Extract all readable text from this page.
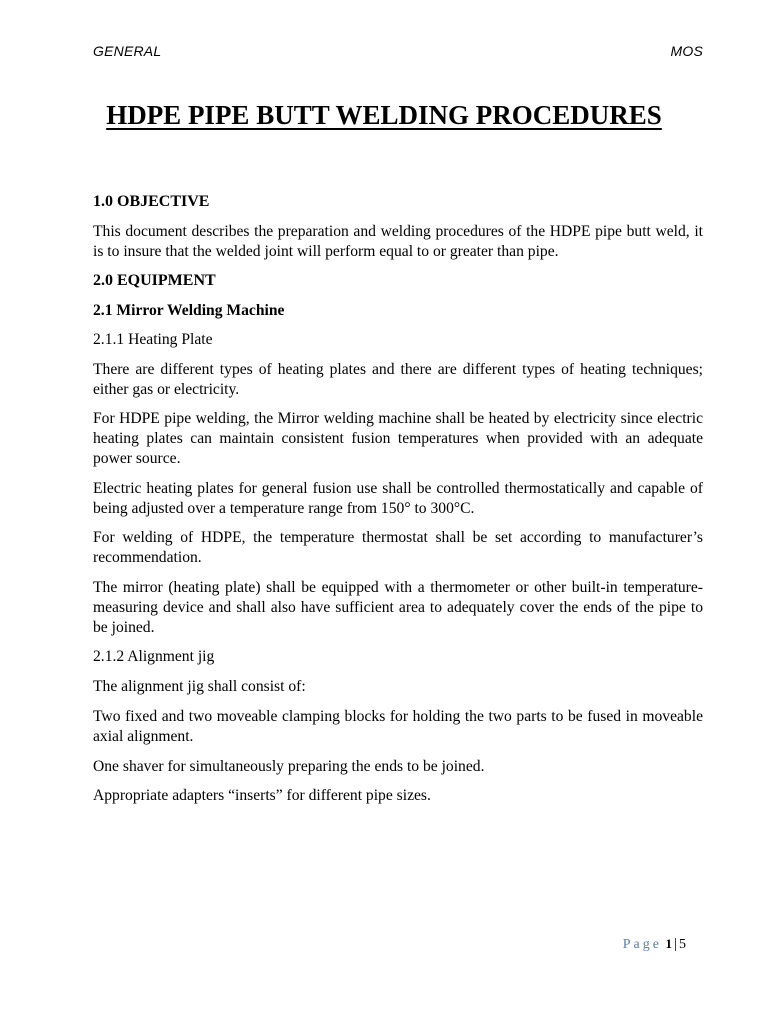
GENERAL	MOS
HDPE PIPE BUTT WELDING PROCEDURES
1.0 OBJECTIVE

This document describes the preparation and welding procedures of the HDPE pipe butt weld, it is to insure that the welded joint will perform equal to or greater than pipe.

2.0 EQUIPMENT
2.1 Mirror Welding Machine
2.1.1 Heating Plate

There are different types of heating plates and there are different types of heating techniques; either gas or electricity.

For HDPE pipe welding, the Mirror welding machine shall be heated by electricity since electric heating plates can maintain consistent fusion temperatures when provided with an adequate power source.

Electric heating plates for general fusion use shall be controlled thermostatically and capable of being adjusted over a temperature range from 150° to 300°C.

For welding of HDPE, the temperature thermostat shall be set according to manufacturer’s recommendation.

The mirror (heating plate) shall be equipped with a thermometer or other built-in temperature-measuring device and shall also have sufficient area to adequately cover the ends of the pipe to be joined.

2.1.2 Alignment jig

The alignment jig shall consist of:

Two fixed and two moveable clamping blocks for holding the two parts to be fused in moveable axial alignment.

One shaver for simultaneously preparing the ends to be joined.

Appropriate adapters “inserts” for different pipe sizes.

Page 1 | 5
